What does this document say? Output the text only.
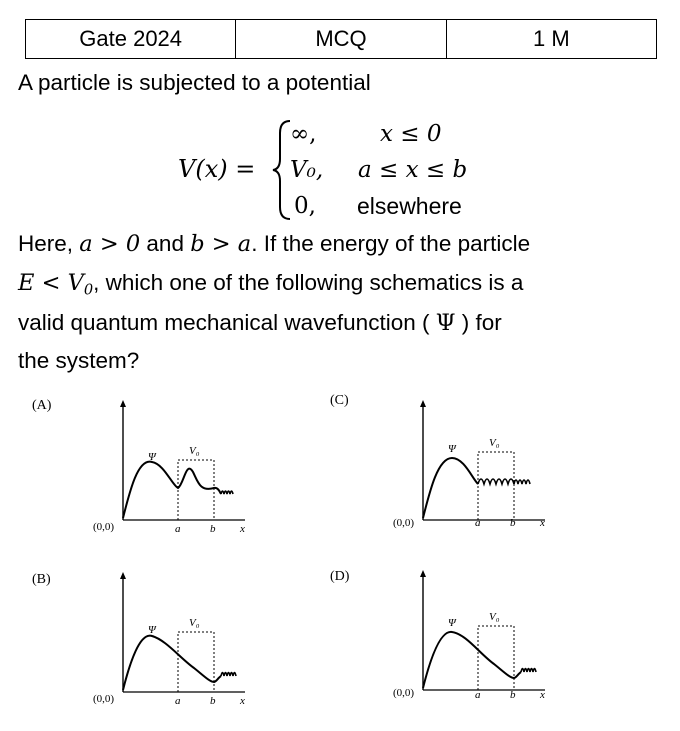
Gate 2024	MCQ	1 M
A particle is subjected to a potential
V(x) =
∞,	x ≤ 0
V₀, a ≤ x ≤ b
0, elsewhere
Here, a > 0 and b > a. If the energy of the particle
$E < V_0$, which one of the following schematics is a
valid quantum mechanical wavefunction ( Ψ ) for
the system?
(A)
Ψ	V₀
(0,0)	a	b x
(C)
Ψ	V₀
(0,0)	a	b x
(B)
Ψ
V₀
(0,0)	a	b x
(D)
Ψ	V₀
(0,0)	a	b x
